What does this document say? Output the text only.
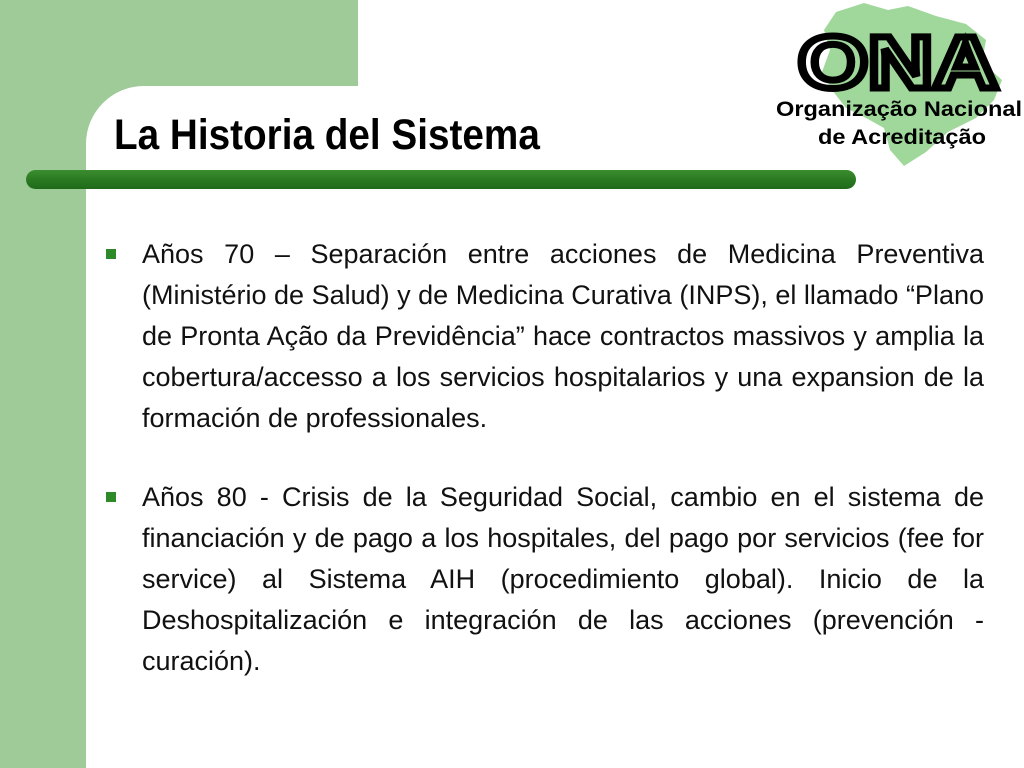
La Historia del Sistema
ONA
Organização Nacional
de Acreditação

Años 70 – Separación entre acciones de Medicina Preventiva (Ministério de Salud) y de Medicina Curativa (INPS), el llamado “Plano de Pronta Ação da Previdência” hace contractos massivos y amplia la cobertura/accesso a los servicios hospitalarios y una expansion de la formación de professionales.

Años 80 - Crisis de la Seguridad Social, cambio en el sistema de financiación y de pago a los hospitales, del pago por servicios (fee for service) al Sistema AIH (procedimiento global). Inicio de la Deshospitalización e integración de las acciones (prevención - curación).
